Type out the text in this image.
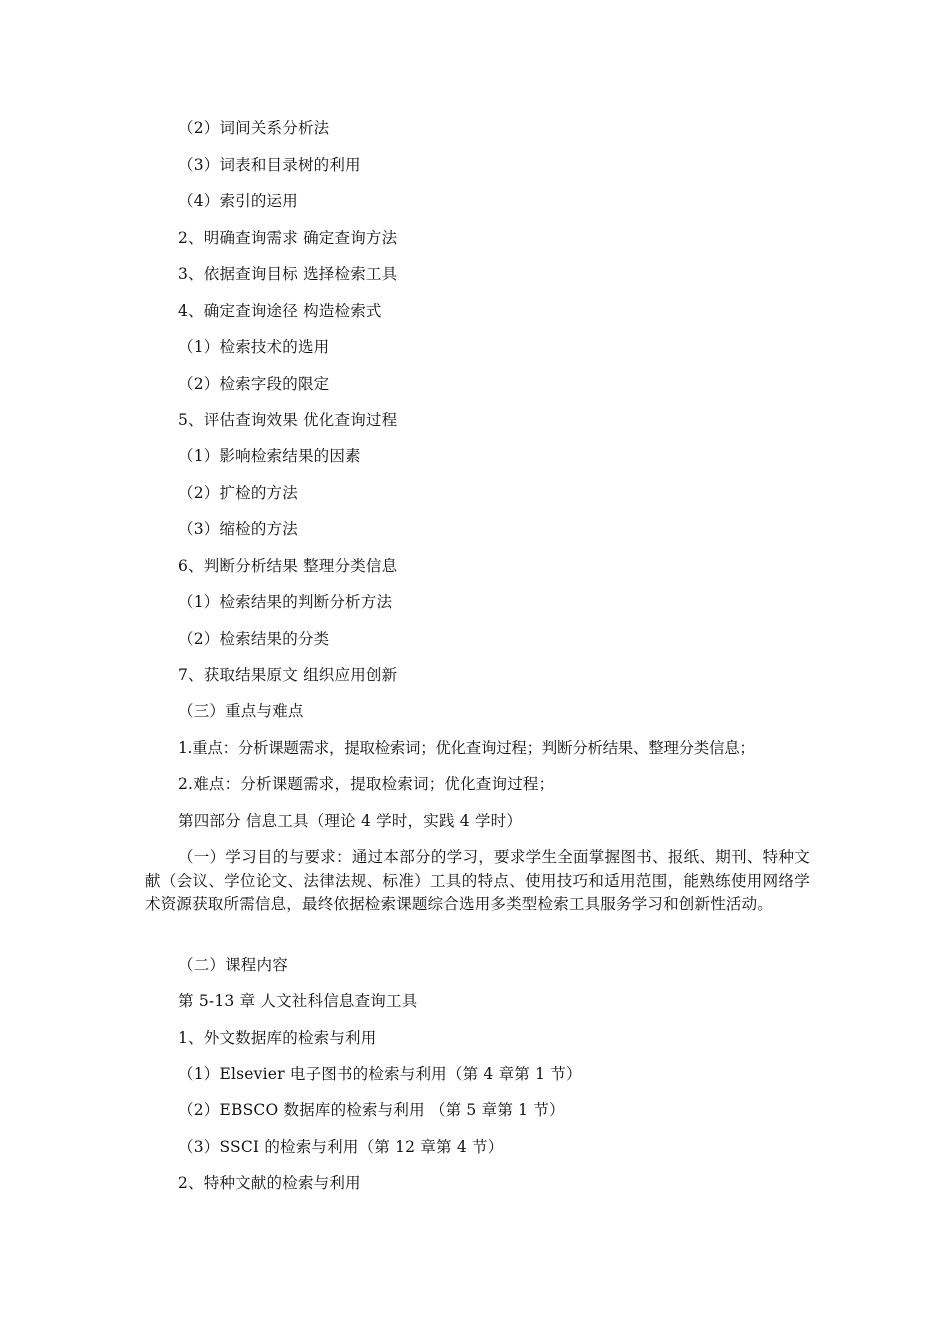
（2）词间关系分析法
（3）词表和目录树的利用
（4）索引的运用
2、明确查询需求 确定查询方法
3、依据查询目标 选择检索工具
4、确定查询途径 构造检索式
（1）检索技术的选用
（2）检索字段的限定
5、评估查询效果 优化查询过程
（1）影响检索结果的因素
（2）扩检的方法
（3）缩检的方法
6、判断分析结果 整理分类信息
（1）检索结果的判断分析方法
（2）检索结果的分类
7、获取结果原文 组织应用创新
（三）重点与难点
1.重点：分析课题需求，提取检索词；优化查询过程；判断分析结果、整理分类信息；
2.难点：分析课题需求，提取检索词；优化查询过程；
第四部分 信息工具（理论 4 学时，实践 4 学时）
（一）学习目的与要求：通过本部分的学习，要求学生全面掌握图书、报纸、期刊、特种文献（会议、学位论文、法律法规、标准）工具的特点、使用技巧和适用范围，能熟练使用网络学术资源获取所需信息，最终依据检索课题综合选用多类型检索工具服务学习和创新性活动。
（二）课程内容
第 5-13 章 人文社科信息查询工具
1、外文数据库的检索与利用
（1）Elsevier 电子图书的检索与利用（第 4 章第 1 节）
（2）EBSCO 数据库的检索与利用 （第 5 章第 1 节）
（3）SSCI 的检索与利用（第 12 章第 4 节）
2、特种文献的检索与利用
